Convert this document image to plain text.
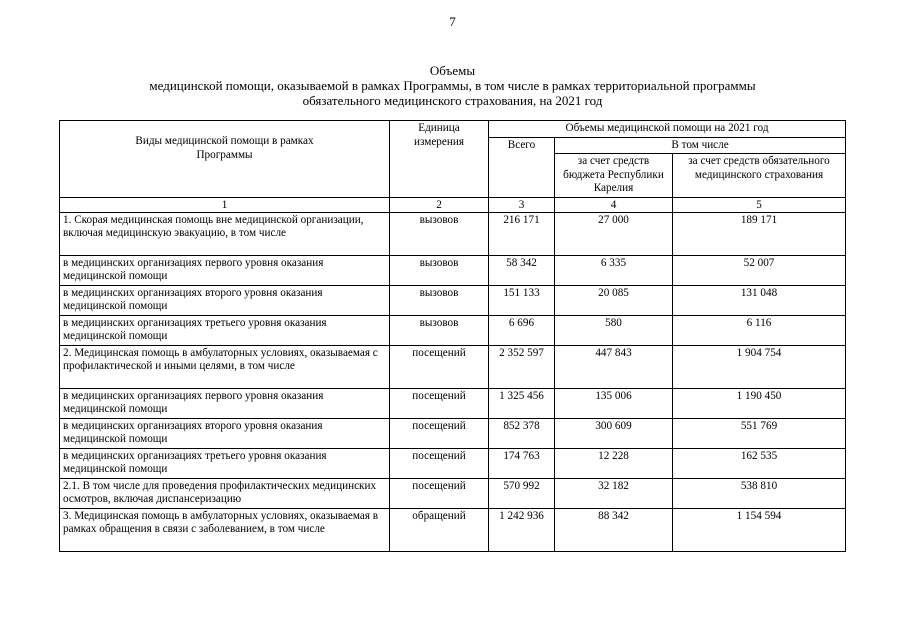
7
Объемы
медицинской помощи, оказываемой в рамках Программы, в том числе в рамках территориальной программы
обязательного медицинского страхования, на 2021 год
Виды медицинской помощи в рамках Программы	Единица измерения	Объемы медицинской помощи на 2021 год		
		Всего	В том числе	
			за счет средств бюджета Республики Карелия	за счет средств обязательного медицинского страхования
1	2	3	4	5
1. Скорая медицинская помощь вне медицинской организации, включая медицинскую эвакуацию, в том числе	вызовов	216 171	27 000	189 171
в медицинских организациях первого уровня оказания медицинской помощи	вызовов	58 342	6 335	52 007
в медицинских организациях второго уровня оказания медицинской помощи	вызовов	151 133	20 085	131 048
в медицинских организациях третьего уровня оказания медицинской помощи	вызовов	6 696	580	6 116
2. Медицинская помощь в амбулаторных условиях, оказываемая с профилактической и иными целями, в том числе	посещений	2 352 597	447 843	1 904 754
в медицинских организациях первого уровня оказания медицинской помощи	посещений	1 325 456	135 006	1 190 450
в медицинских организациях второго уровня оказания медицинской помощи	посещений	852 378	300 609	551 769
в медицинских организациях третьего уровня оказания медицинской помощи	посещений	174 763	12 228	162 535
2.1. В том числе для проведения профилактических медицинских осмотров, включая диспансеризацию	посещений	570 992	32 182	538 810
3. Медицинская помощь в амбулаторных условиях, оказываемая в рамках обращения в связи с заболеванием, в том числе	обращений	1 242 936	88 342	1 154 594
